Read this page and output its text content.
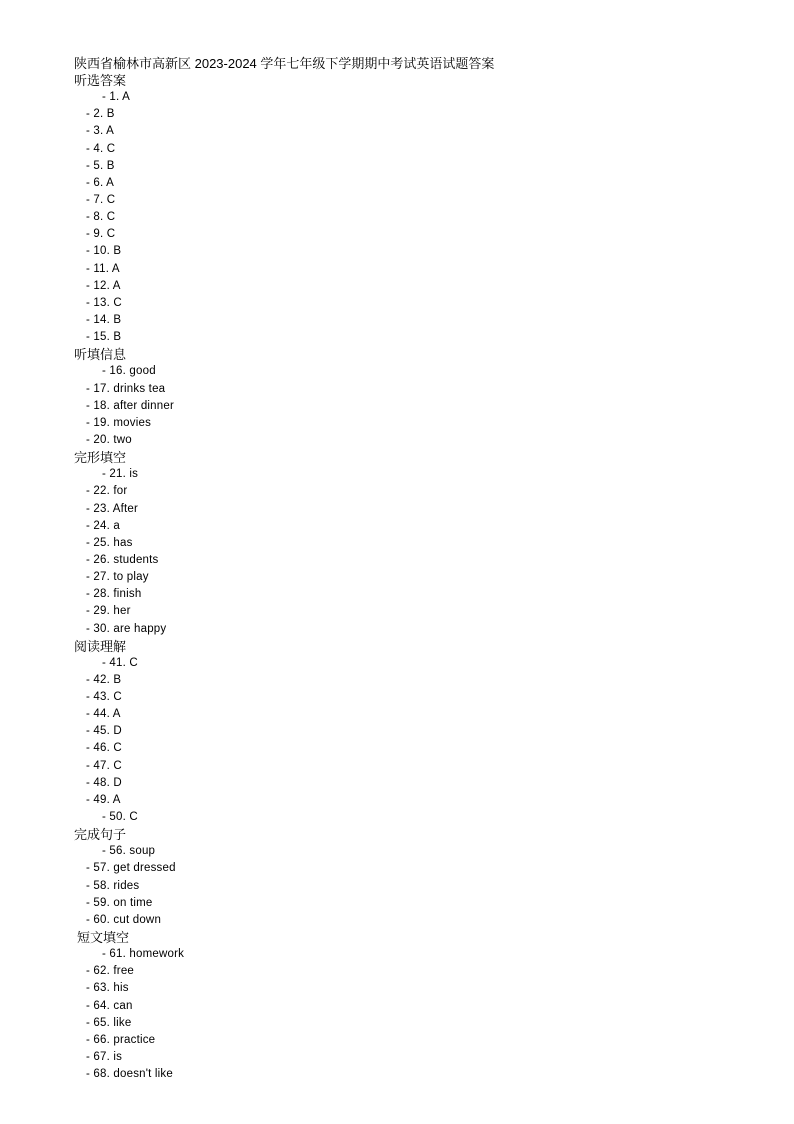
陕西省榆林市高新区 2023-2024 学年七年级下学期期中考试英语试题答案
听选答案
- 1. A
- 2. B
- 3. A
- 4. C
- 5. B
- 6. A
- 7. C
- 8. C
- 9. C
- 10. B
- 11. A
- 12. A
- 13. C
- 14. B
- 15. B
听填信息
- 16. good
- 17. drinks tea
- 18. after dinner
- 19. movies
- 20. two
完形填空
- 21. is
- 22. for
- 23. After
- 24. a
- 25. has
- 26. students
- 27. to play
- 28. finish
- 29. her
- 30. are happy
阅读理解
- 41. C
- 42. B
- 43. C
- 44. A
- 45. D
- 46. C
- 47. C
- 48. D
- 49. A
- 50. C
完成句子
- 56. soup
- 57. get dressed
- 58. rides
- 59. on time
- 60. cut down
短文填空
- 61. homework
- 62. free
- 63. his
- 64. can
- 65. like
- 66. practice
- 67. is
- 68. doesn't like
